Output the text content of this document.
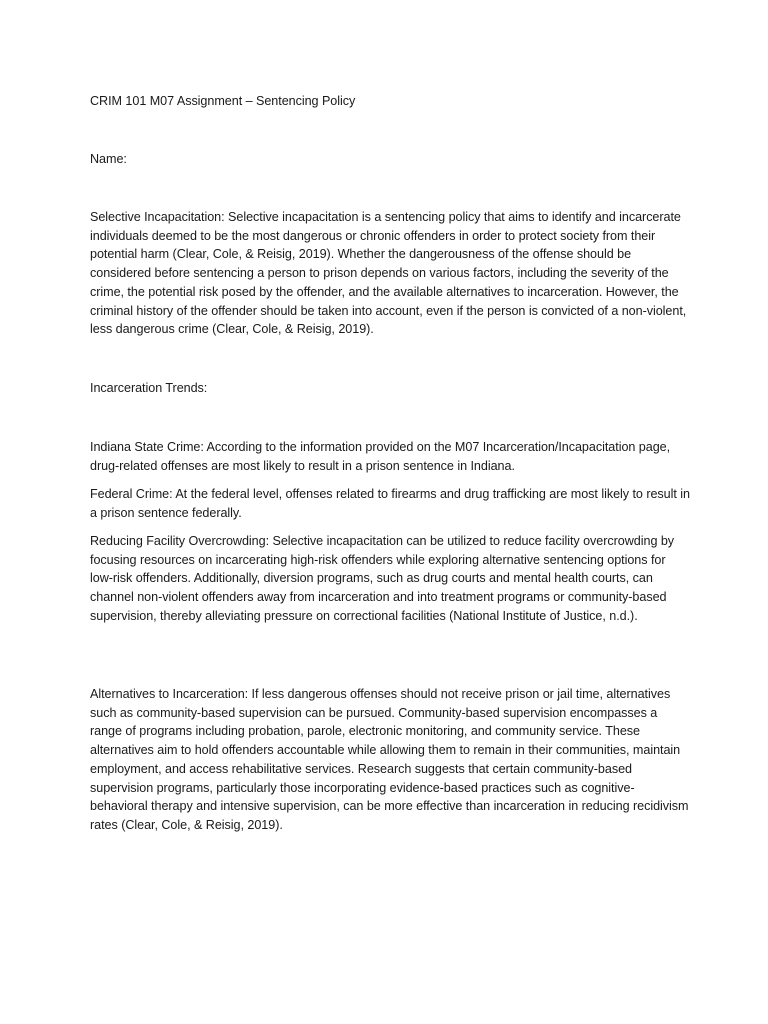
CRIM 101 M07 Assignment – Sentencing Policy

Name:

Selective Incapacitation: Selective incapacitation is a sentencing policy that aims to identify and incarcerate individuals deemed to be the most dangerous or chronic offenders in order to protect society from their potential harm (Clear, Cole, & Reisig, 2019). Whether the dangerousness of the offense should be considered before sentencing a person to prison depends on various factors, including the severity of the crime, the potential risk posed by the offender, and the available alternatives to incarceration. However, the criminal history of the offender should be taken into account, even if the person is convicted of a non-violent, less dangerous crime (Clear, Cole, & Reisig, 2019).

Incarceration Trends:

Indiana State Crime: According to the information provided on the M07 Incarceration/Incapacitation page, drug-related offenses are most likely to result in a prison sentence in Indiana.

Federal Crime: At the federal level, offenses related to firearms and drug trafficking are most likely to result in a prison sentence federally.

Reducing Facility Overcrowding: Selective incapacitation can be utilized to reduce facility overcrowding by focusing resources on incarcerating high-risk offenders while exploring alternative sentencing options for low-risk offenders. Additionally, diversion programs, such as drug courts and mental health courts, can channel non-violent offenders away from incarceration and into treatment programs or community-based supervision, thereby alleviating pressure on correctional facilities (National Institute of Justice, n.d.).

Alternatives to Incarceration: If less dangerous offenses should not receive prison or jail time, alternatives such as community-based supervision can be pursued. Community-based supervision encompasses a range of programs including probation, parole, electronic monitoring, and community service. These alternatives aim to hold offenders accountable while allowing them to remain in their communities, maintain employment, and access rehabilitative services. Research suggests that certain community-based supervision programs, particularly those incorporating evidence-based practices such as cognitive-behavioral therapy and intensive supervision, can be more effective than incarceration in reducing recidivism rates (Clear, Cole, & Reisig, 2019).
